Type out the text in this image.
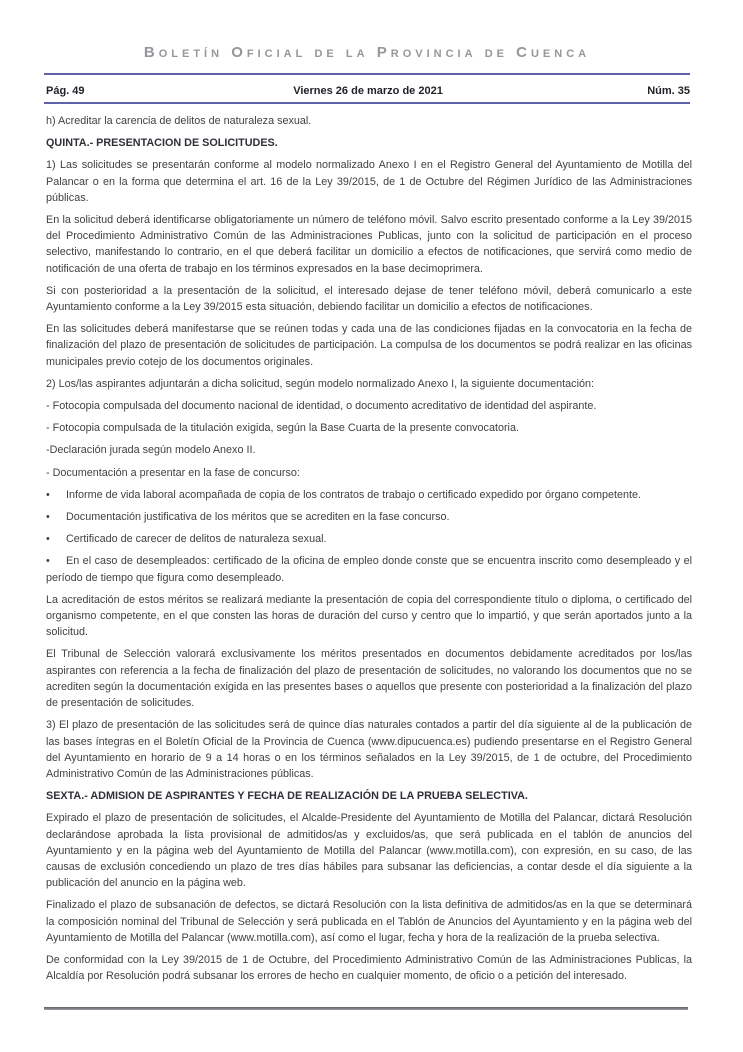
Boletín Oficial de la Provincia de Cuenca
Pág. 49	Viernes 26 de marzo de 2021	Núm. 35

h) Acreditar la carencia de delitos de naturaleza sexual.

QUINTA.- PRESENTACION DE SOLICITUDES.

1) Las solicitudes se presentarán conforme al modelo normalizado Anexo I en el Registro General del Ayuntamiento de Motilla del Palancar o en la forma que determina el art. 16 de la Ley 39/2015, de 1 de Octubre del Régimen Jurídico de las Administraciones públicas.

En la solicitud deberá identificarse obligatoriamente un número de teléfono móvil. Salvo escrito presentado conforme a la Ley 39/2015 del Procedimiento Administrativo Común de las Administraciones Publicas, junto con la solicitud de participación en el proceso selectivo, manifestando lo contrario, en el que deberá facilitar un domicilio a efectos de notificaciones, que servirá como medio de notificación de una oferta de trabajo en los términos expresados en la base decimoprimera.

Si con posterioridad a la presentación de la solicitud, el interesado dejase de tener teléfono móvil, deberá comunicarlo a este Ayuntamiento conforme a la Ley 39/2015 esta situación, debiendo facilitar un domicilio a efectos de notificaciones.

En las solicitudes deberá manifestarse que se reúnen todas y cada una de las condiciones fijadas en la convocatoria en la fecha de finalización del plazo de presentación de solicitudes de participación. La compulsa de los documentos se podrá realizar en las oficinas municipales previo cotejo de los documentos originales.

2) Los/las aspirantes adjuntarán a dicha solicitud, según modelo normalizado Anexo I, la siguiente documentación:

- Fotocopia compulsada del documento nacional de identidad, o documento acreditativo de identidad del aspirante.

- Fotocopia compulsada de la titulación exigida, según la Base Cuarta de la presente convocatoria.

-Declaración jurada según modelo Anexo II.

- Documentación a presentar en la fase de concurso:

• Informe de vida laboral acompañada de copia de los contratos de trabajo o certificado expedido por órgano competente.

• Documentación justificativa de los méritos que se acrediten en la fase concurso.

• Certificado de carecer de delitos de naturaleza sexual.

• En el caso de desempleados: certificado de la oficina de empleo donde conste que se encuentra inscrito como desempleado y el período de tiempo que figura como desempleado.

La acreditación de estos méritos se realizará mediante la presentación de copia del correspondiente título o diploma, o certificado del organismo competente, en el que consten las horas de duración del curso y centro que lo impartió, y que serán aportados junto a la solicitud.

El Tribunal de Selección valorará exclusivamente los méritos presentados en documentos debidamente acreditados por los/las aspirantes con referencia a la fecha de finalización del plazo de presentación de solicitudes, no valorando los documentos que no se acrediten según la documentación exigida en las presentes bases o aquellos que presente con posterioridad a la finalización del plazo de presentación de solicitudes.

3) El plazo de presentación de las solicitudes será de quince días naturales contados a partir del día siguiente al de la publicación de las bases íntegras en el Boletín Oficial de la Provincia de Cuenca (www.dipucuenca.es) pudiendo presentarse en el Registro General del Ayuntamiento en horario de 9 a 14 horas o en los términos señalados en la Ley 39/2015, de 1 de octubre, del Procedimiento Administrativo Común de las Administraciones públicas.

SEXTA.- ADMISION DE ASPIRANTES Y FECHA DE REALIZACIÓN DE LA PRUEBA SELECTIVA.

Expirado el plazo de presentación de solicitudes, el Alcalde-Presidente del Ayuntamiento de Motilla del Palancar, dictará Resolución declarándose aprobada la lista provisional de admitidos/as y excluidos/as, que será publicada en el tablón de anuncios del Ayuntamiento y en la página web del Ayuntamiento de Motilla del Palancar (www.motilla.com), con expresión, en su caso, de las causas de exclusión concediendo un plazo de tres días hábiles para subsanar las deficiencias, a contar desde el día siguiente a la publicación del anuncio en la página web.

Finalizado el plazo de subsanación de defectos, se dictará Resolución con la lista definitiva de admitidos/as en la que se determinará la composición nominal del Tribunal de Selección y será publicada en el Tablón de Anuncios del Ayuntamiento y en la página web del Ayuntamiento de Motilla del Palancar (www.motilla.com), así como el lugar, fecha y hora de la realización de la prueba selectiva.

De conformidad con la Ley 39/2015 de 1 de Octubre, del Procedimiento Administrativo Común de las Administraciones Publicas, la Alcaldía por Resolución podrá subsanar los errores de hecho en cualquier momento, de oficio o a petición del interesado.
